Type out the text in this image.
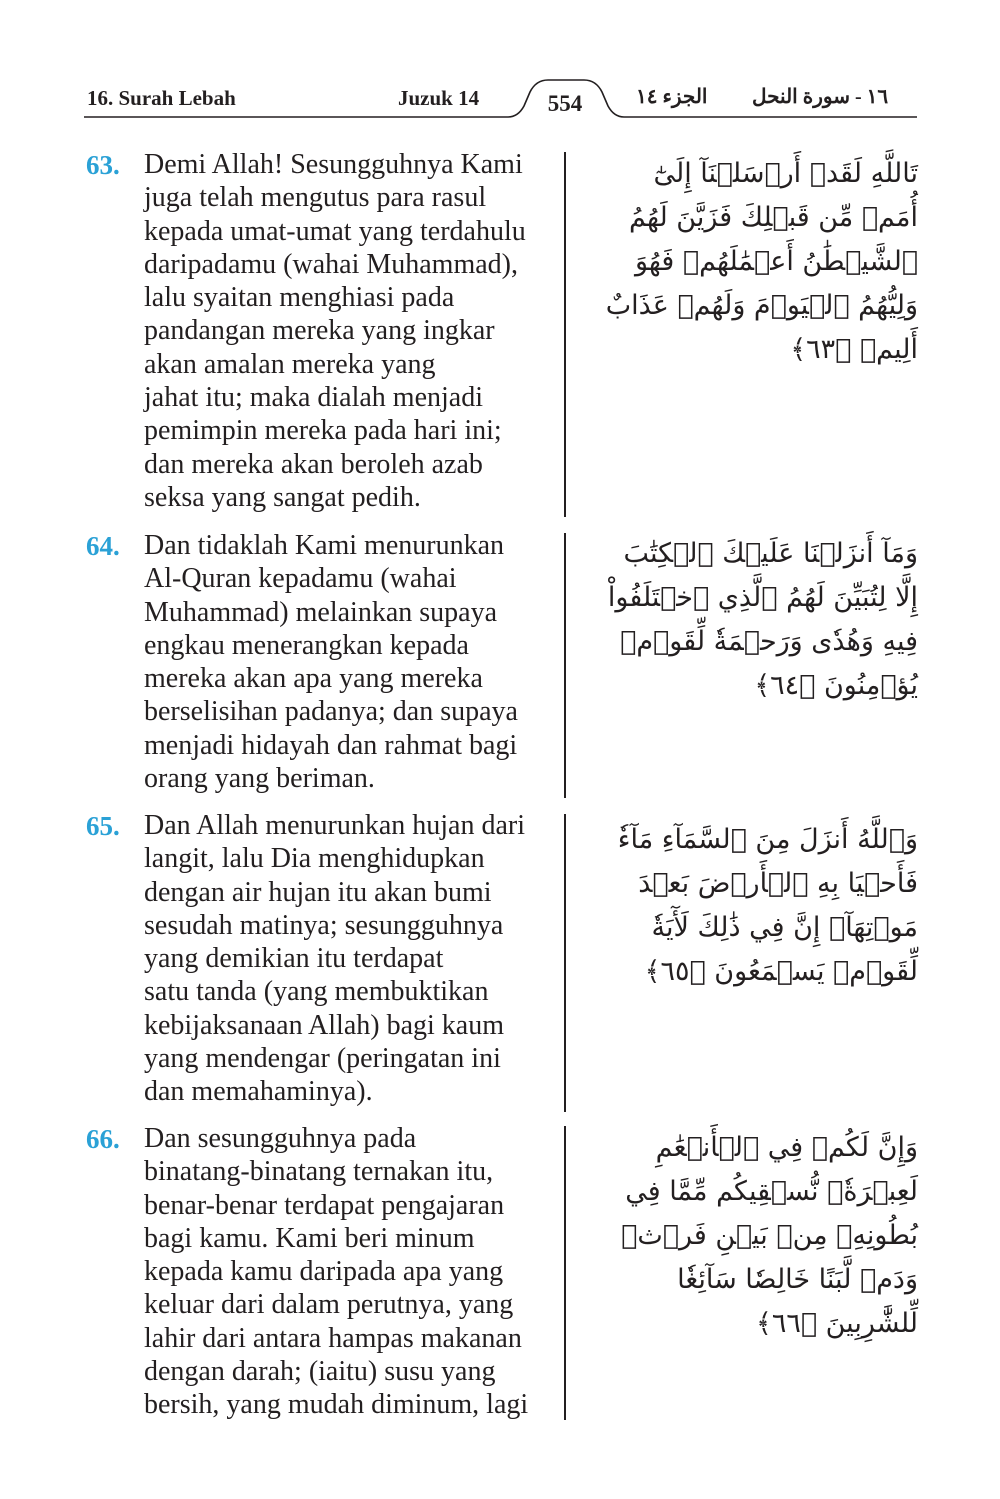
16. Surah Lebah	Juzuk 14	554	الجزء ١٤ ١٦ - سورة النحل
63. Demi Allah! Sesungguhnya Kami
juga telah mengutus para rasul
kepada umat-umat yang terdahulu
daripadamu (wahai Muhammad),
lalu syaitan menghiasi pada
pandangan mereka yang ingkar
akan amalan mereka yang
jahat itu; maka dialah menjadi
pemimpin mereka pada hari ini;
dan mereka akan beroleh azab
seksa yang sangat pedih.
تَاللَّهِ لَقَدۡ أَرۡسَلۡنَآ إِلَىٰٓ أُمَمٖ مِّن قَبۡلِكَ فَزَيَّنَ لَهُمُ ٱلشَّيۡطَٰنُ أَعۡمَٰلَهُمۡ فَهُوَ وَلِيُّهُمُ ٱلۡيَوۡمَ وَلَهُمۡ عَذَابٌ أَلِيمٞ ﴿٦٣﴾
64. Dan tidaklah Kami menurunkan
Al-Quran kepadamu (wahai
Muhammad) melainkan supaya
engkau menerangkan kepada
mereka akan apa yang mereka
berselisihan padanya; dan supaya
menjadi hidayah dan rahmat bagi
orang yang beriman.
وَمَآ أَنزَلۡنَا عَلَيۡكَ ٱلۡكِتَٰبَ إِلَّا لِتُبَيِّنَ لَهُمُ ٱلَّذِي ٱخۡتَلَفُواْ فِيهِ وَهُدٗى وَرَحۡمَةٗ لِّقَوۡمٖ يُؤۡمِنُونَ ﴿٦٤﴾
65. Dan Allah menurunkan hujan dari
langit, lalu Dia menghidupkan
dengan air hujan itu akan bumi
sesudah matinya; sesungguhnya
yang demikian itu terdapat
satu tanda (yang membuktikan
kebijaksanaan Allah) bagi kaum
yang mendengar (peringatan ini
dan memahaminya).
وَٱللَّهُ أَنزَلَ مِنَ ٱلسَّمَآءِ مَآءٗ فَأَحۡيَا بِهِ ٱلۡأَرۡضَ بَعۡدَ مَوۡتِهَآۚ إِنَّ فِي ذَٰلِكَ لَأٓيَةٗ لِّقَوۡمٖ يَسۡمَعُونَ ﴿٦٥﴾
66. Dan sesungguhnya pada
binatang-binatang ternakan itu,
benar-benar terdapat pengajaran
bagi kamu. Kami beri minum
kepada kamu daripada apa yang
keluar dari dalam perutnya, yang
lahir dari antara hampas makanan
dengan darah; (iaitu) susu yang
bersih, yang mudah diminum, lagi
وَإِنَّ لَكُمۡ فِي ٱلۡأَنۡعَٰمِ لَعِبۡرَةٗۖ نُّسۡقِيكُم مِّمَّا فِي بُطُونِهِۦ مِنۢ بَيۡنِ فَرۡثٖ وَدَمٖ لَّبَنًا خَالِصٗا سَآئِغٗا لِّلشَّٰرِبِينَ ﴿٦٦﴾
